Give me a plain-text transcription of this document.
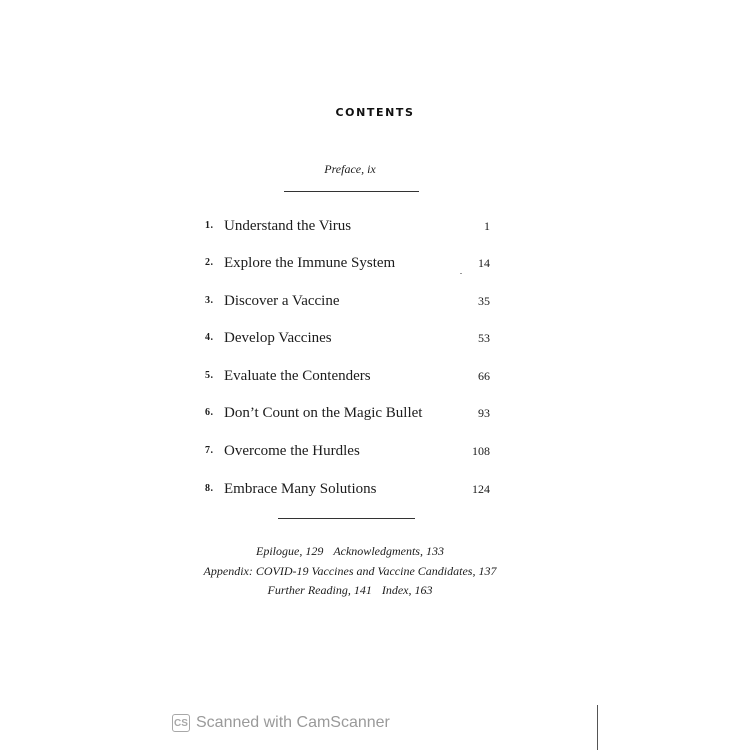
CONTENTS
Preface, ix
1. Understand the Virus	1
2. Explore the Immune System	14
3. Discover a Vaccine	35
4. Develop Vaccines	53
5. Evaluate the Contenders	66
6. Don’t Count on the Magic Bullet	93
7. Overcome the Hurdles	108
8. Embrace Many Solutions	124
Epilogue, 129 Acknowledgments, 133
Appendix: COVID-19 Vaccines and Vaccine Candidates, 137
Further Reading, 141 Index, 163
CS Scanned with CamScanner
